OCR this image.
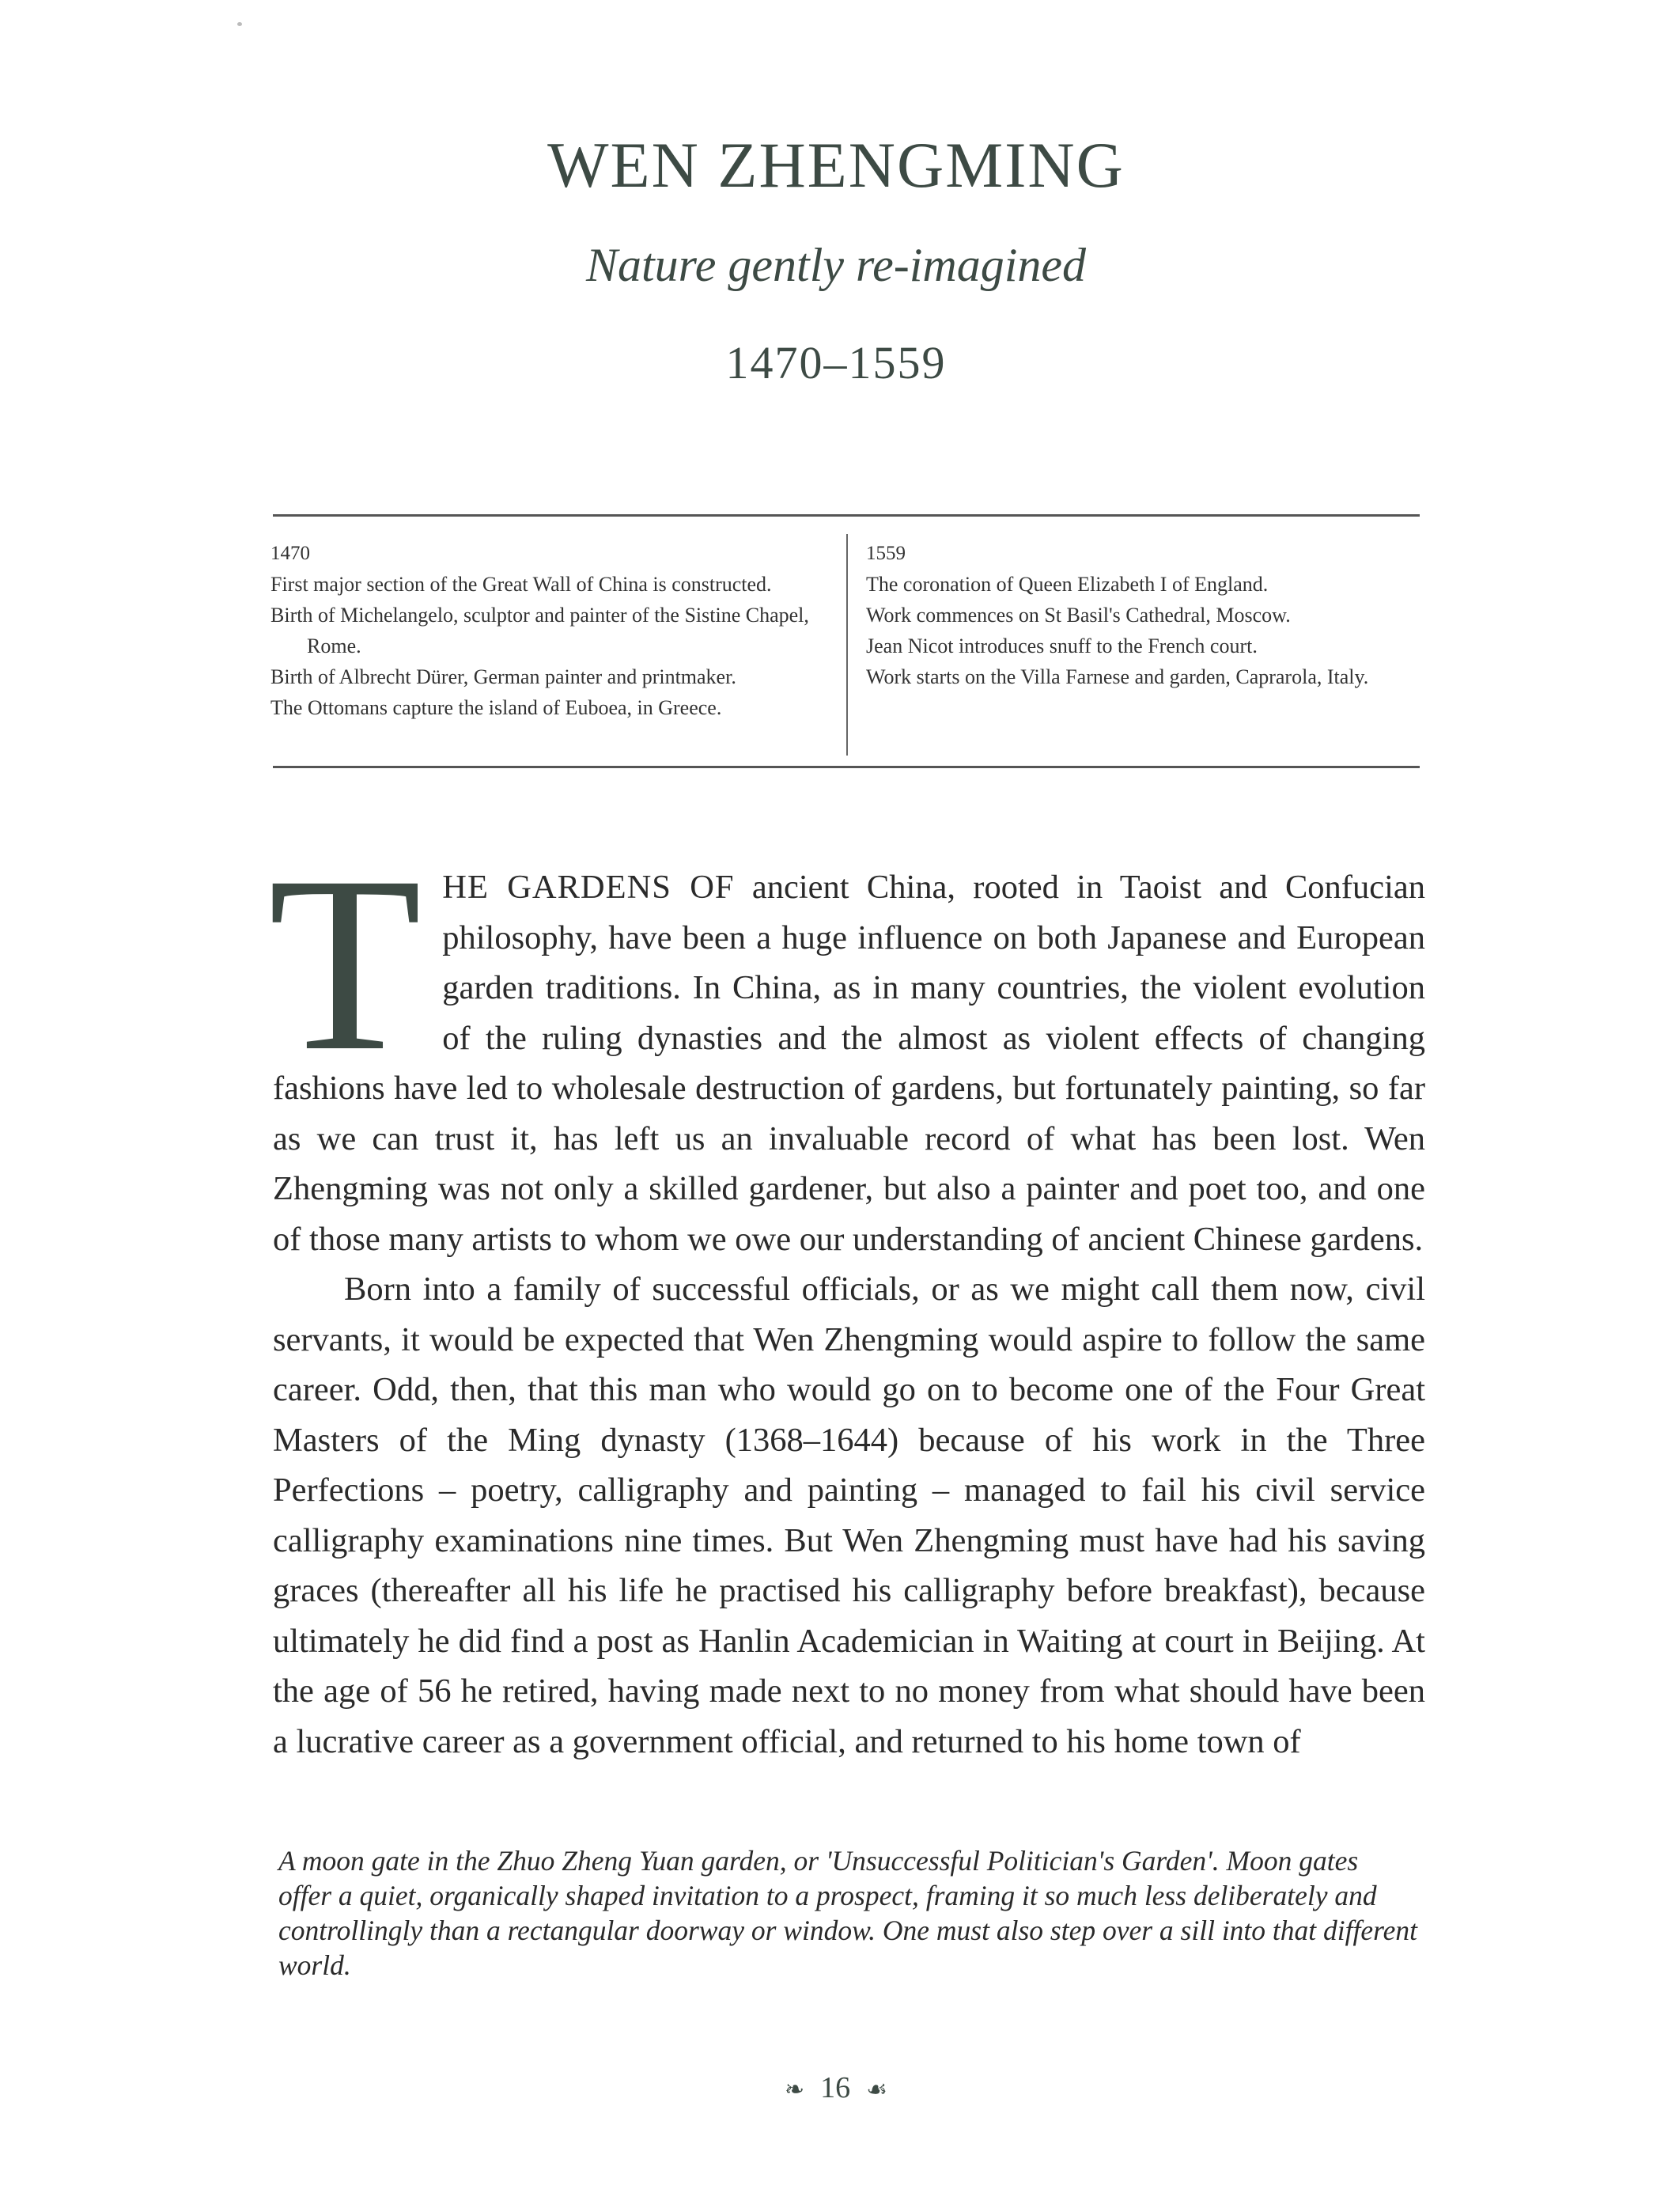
WEN ZHENGMING
Nature gently re-imagined
1470–1559
1470
First major section of the Great Wall of China is constructed.
Birth of Michelangelo, sculptor and painter of the Sistine Chapel, Rome.
Birth of Albrecht Dürer, German painter and printmaker.
The Ottomans capture the island of Euboea, in Greece.
1559
The coronation of Queen Elizabeth I of England.
Work commences on St Basil's Cathedral, Moscow.
Jean Nicot introduces snuff to the French court.
Work starts on the Villa Farnese and garden, Caprarola, Italy.

THE GARDENS OF ancient China, rooted in Taoist and Confucian philosophy, have been a huge influence on both Japanese and European garden traditions. In China, as in many countries, the violent evolution of the ruling dynasties and the almost as violent effects of changing fashions have led to wholesale destruction of gardens, but fortunately painting, so far as we can trust it, has left us an invaluable record of what has been lost. Wen Zhengming was not only a skilled gardener, but also a painter and poet too, and one of those many artists to whom we owe our understanding of ancient Chinese gardens.

Born into a family of successful officials, or as we might call them now, civil servants, it would be expected that Wen Zhengming would aspire to follow the same career. Odd, then, that this man who would go on to become one of the Four Great Masters of the Ming dynasty (1368–1644) because of his work in the Three Perfections – poetry, calligraphy and painting – managed to fail his civil service calligraphy examinations nine times. But Wen Zhengming must have had his saving graces (thereafter all his life he practised his calligraphy before breakfast), because ultimately he did find a post as Hanlin Academician in Waiting at court in Beijing. At the age of 56 he retired, having made next to no money from what should have been a lucrative career as a government official, and returned to his home town of

A moon gate in the Zhuo Zheng Yuan garden, or 'Unsuccessful Politician's Garden'. Moon gates offer a quiet, organically shaped invitation to a prospect, framing it so much less deliberately and controllingly than a rectangular doorway or window. One must also step over a sill into that different world.
❧ 16 ☙
